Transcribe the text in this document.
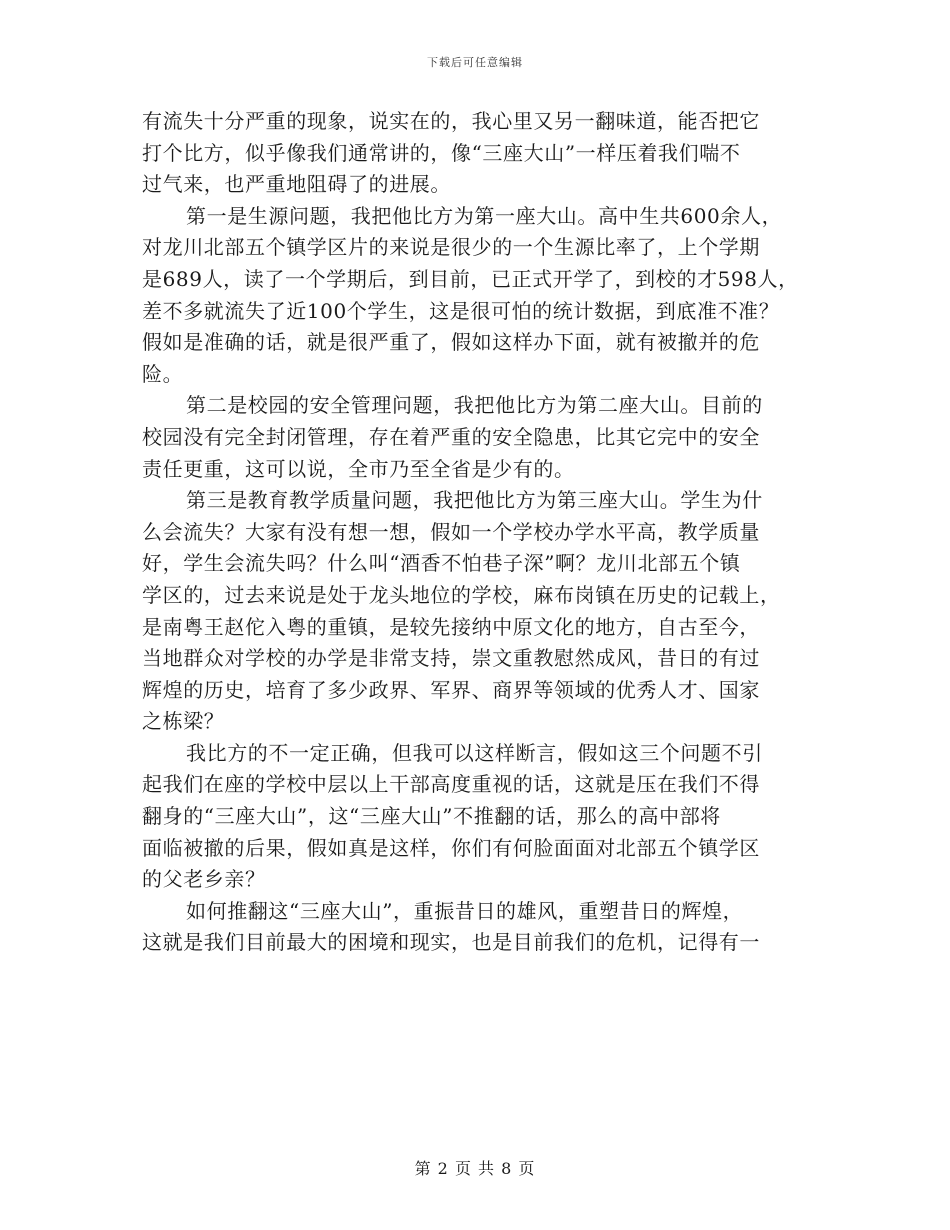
下载后可任意编辑
有流失十分严重的现象，说实在的，我心里又另一翻味道，能否把它
打个比方，似乎像我们通常讲的，像“三座大山”一样压着我们喘不
过气来，也严重地阻碍了的进展。
第一是生源问题，我把他比方为第一座大山。高中生共600余人，
对龙川北部五个镇学区片的来说是很少的一个生源比率了，上个学期
是689人，读了一个学期后，到目前，已正式开学了，到校的才598人，
差不多就流失了近100个学生，这是很可怕的统计数据，到底准不准？
假如是准确的话，就是很严重了，假如这样办下面，就有被撤并的危
险。
第二是校园的安全管理问题，我把他比方为第二座大山。目前的
校园没有完全封闭管理，存在着严重的安全隐患，比其它完中的安全
责任更重，这可以说，全市乃至全省是少有的。
第三是教育教学质量问题，我把他比方为第三座大山。学生为什
么会流失？大家有没有想一想，假如一个学校办学水平高，教学质量
好，学生会流失吗？什么叫“酒香不怕巷子深”啊？龙川北部五个镇
学区的，过去来说是处于龙头地位的学校，麻布岗镇在历史的记载上，
是南粤王赵佗入粤的重镇，是较先接纳中原文化的地方，自古至今，
当地群众对学校的办学是非常支持，崇文重教慰然成风，昔日的有过
辉煌的历史，培育了多少政界、军界、商界等领域的优秀人才、国家
之栋梁？
我比方的不一定正确，但我可以这样断言，假如这三个问题不引
起我们在座的学校中层以上干部高度重视的话，这就是压在我们不得
翻身的“三座大山”，这“三座大山”不推翻的话，那么的高中部将
面临被撤的后果，假如真是这样，你们有何脸面面对北部五个镇学区
的父老乡亲？
如何推翻这“三座大山”，重振昔日的雄风，重塑昔日的辉煌，
这就是我们目前最大的困境和现实，也是目前我们的危机，记得有一
第 2 页 共 8 页
